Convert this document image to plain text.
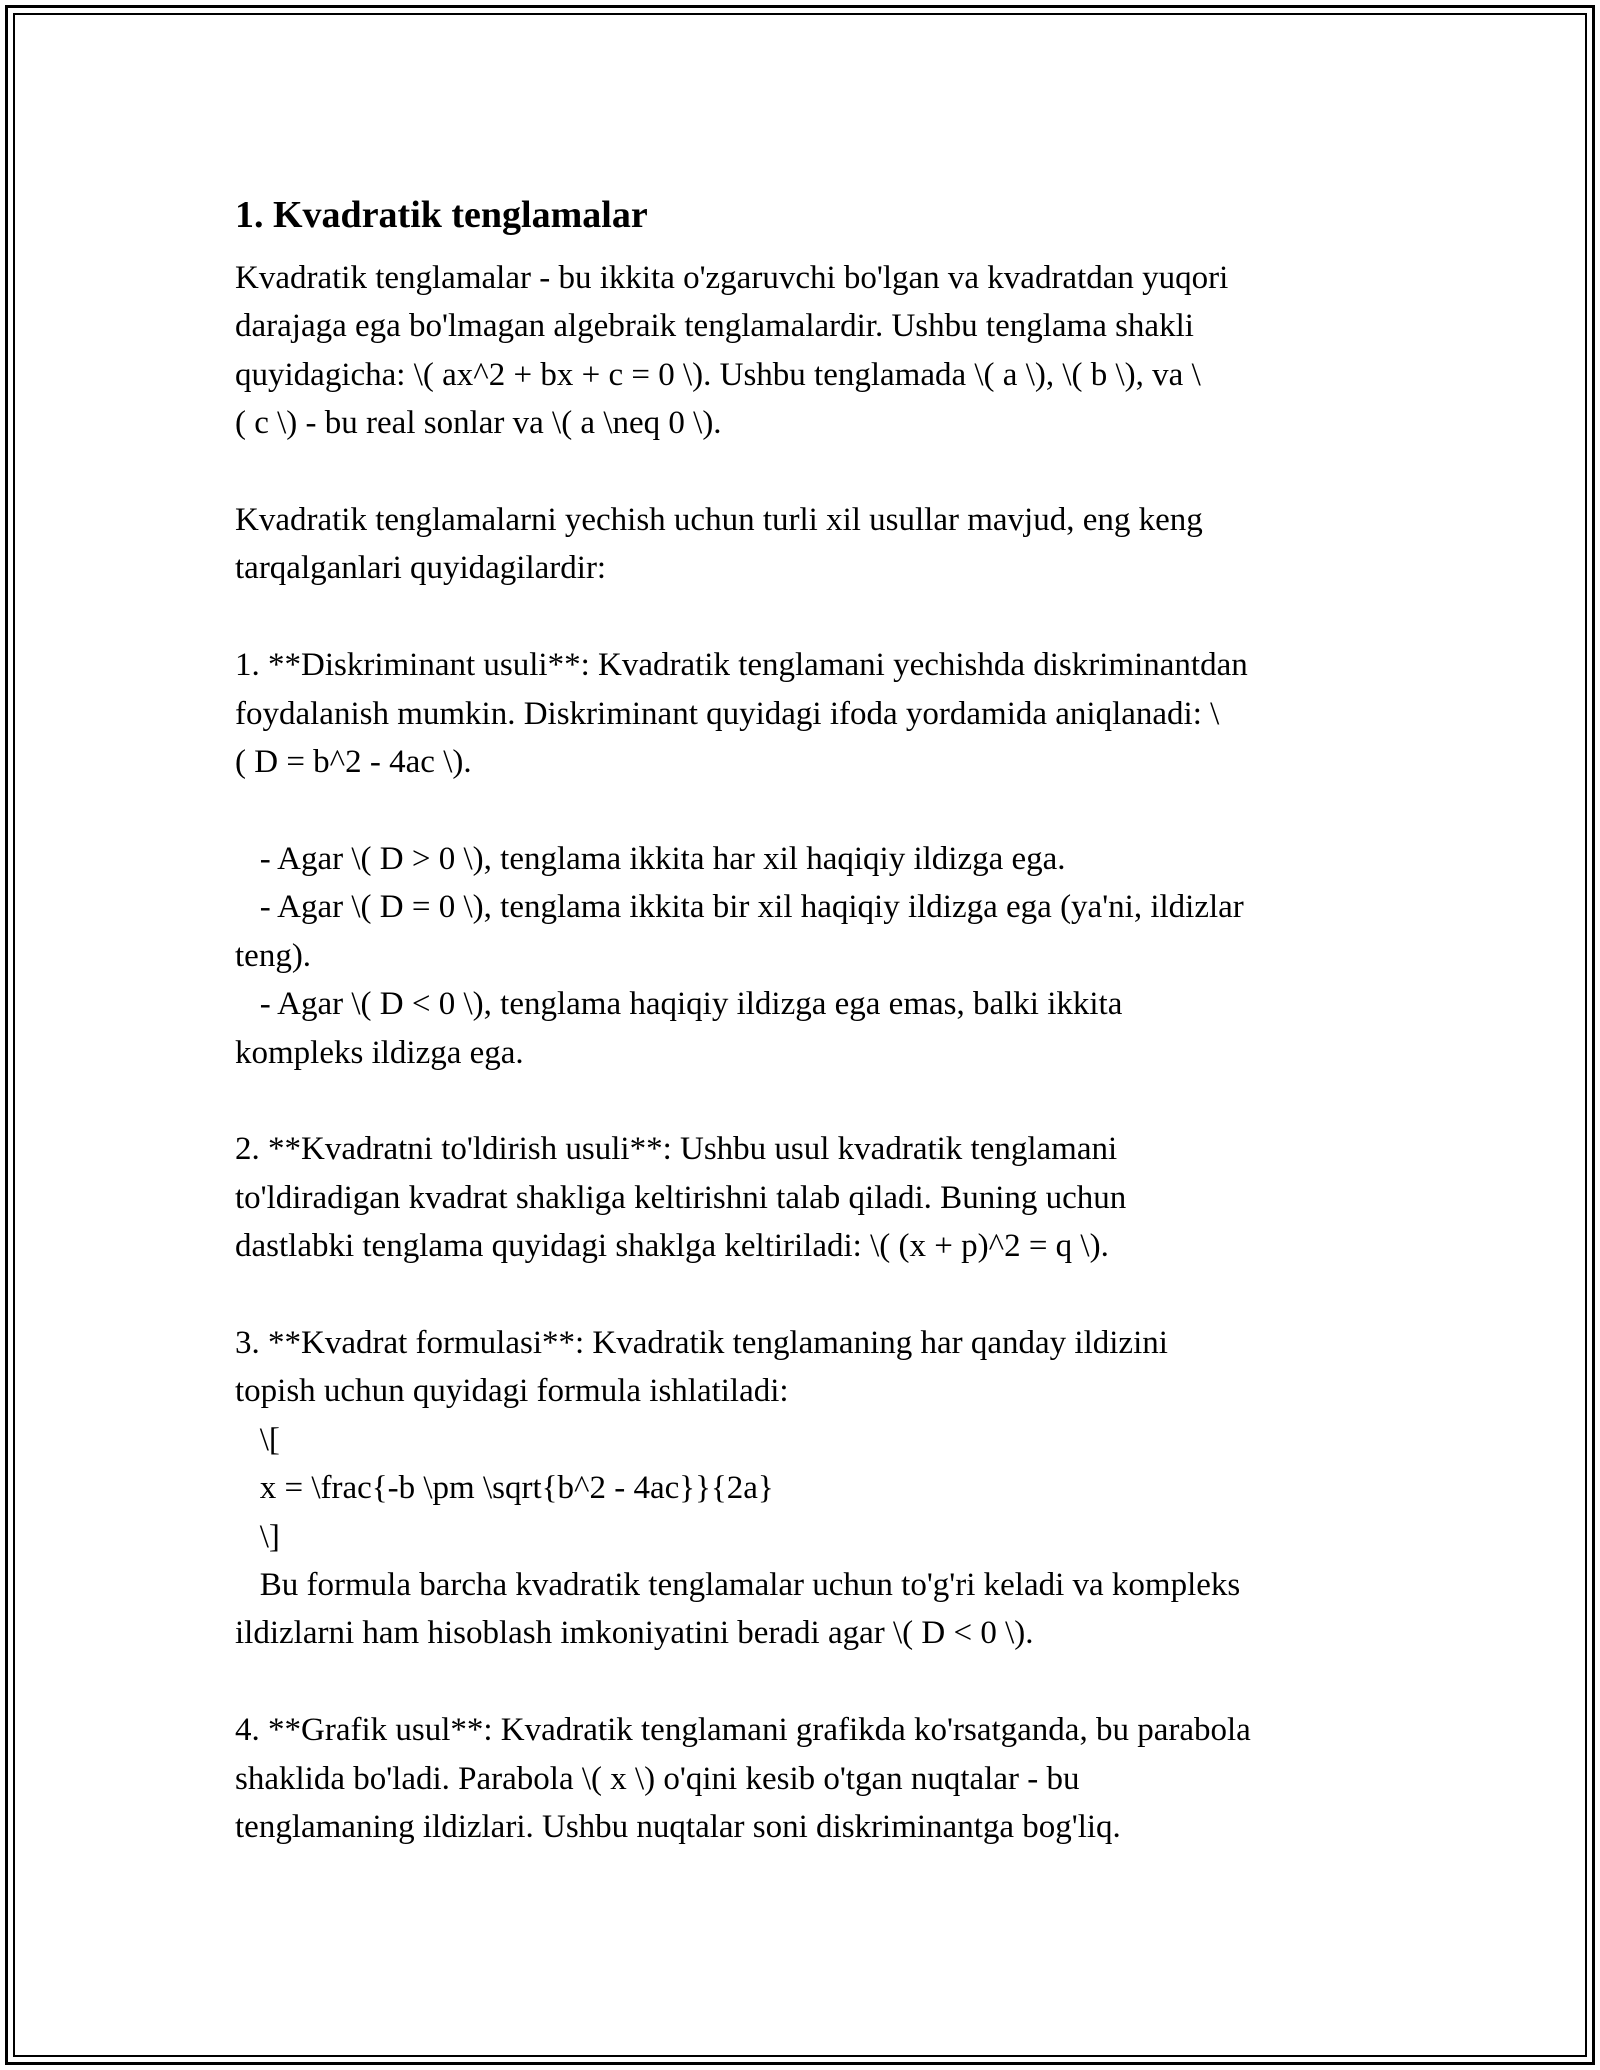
1. Kvadratik tenglamalar

Kvadratik tenglamalar - bu ikkita o'zgaruvchi bo'lgan va kvadratdan yuqori
darajaga ega bo'lmagan algebraik tenglamalardir. Ushbu tenglama shakli
quyidagicha: \( ax^2 + bx + c = 0 \). Ushbu tenglamada \( a \), \( b \), va \
( c \) - bu real sonlar va \( a \neq 0 \).

Kvadratik tenglamalarni yechish uchun turli xil usullar mavjud, eng keng
tarqalganlari quyidagilardir:

1. **Diskriminant usuli**: Kvadratik tenglamani yechishda diskriminantdan
foydalanish mumkin. Diskriminant quyidagi ifoda yordamida aniqlanadi: \
( D = b^2 - 4ac \).

- Agar \( D > 0 \), tenglama ikkita har xil haqiqiy ildizga ega.
- Agar \( D = 0 \), tenglama ikkita bir xil haqiqiy ildizga ega (ya'ni, ildizlar
teng).
- Agar \( D < 0 \), tenglama haqiqiy ildizga ega emas, balki ikkita
kompleks ildizga ega.

2. **Kvadratni to'ldirish usuli**: Ushbu usul kvadratik tenglamani
to'ldiradigan kvadrat shakliga keltirishni talab qiladi. Buning uchun
dastlabki tenglama quyidagi shaklga keltiriladi: \( (x + p)^2 = q \).

3. **Kvadrat formulasi**: Kvadratik tenglamaning har qanday ildizini
topish uchun quyidagi formula ishlatiladi:
\[
x = \frac{-b \pm \sqrt{b^2 - 4ac}}{2a}
\]
Bu formula barcha kvadratik tenglamalar uchun to'g'ri keladi va kompleks
ildizlarni ham hisoblash imkoniyatini beradi agar \( D < 0 \).

4. **Grafik usul**: Kvadratik tenglamani grafikda ko'rsatganda, bu parabola
shaklida bo'ladi. Parabola \( x \) o'qini kesib o'tgan nuqtalar - bu
tenglamaning ildizlari. Ushbu nuqtalar soni diskriminantga bog'liq.
